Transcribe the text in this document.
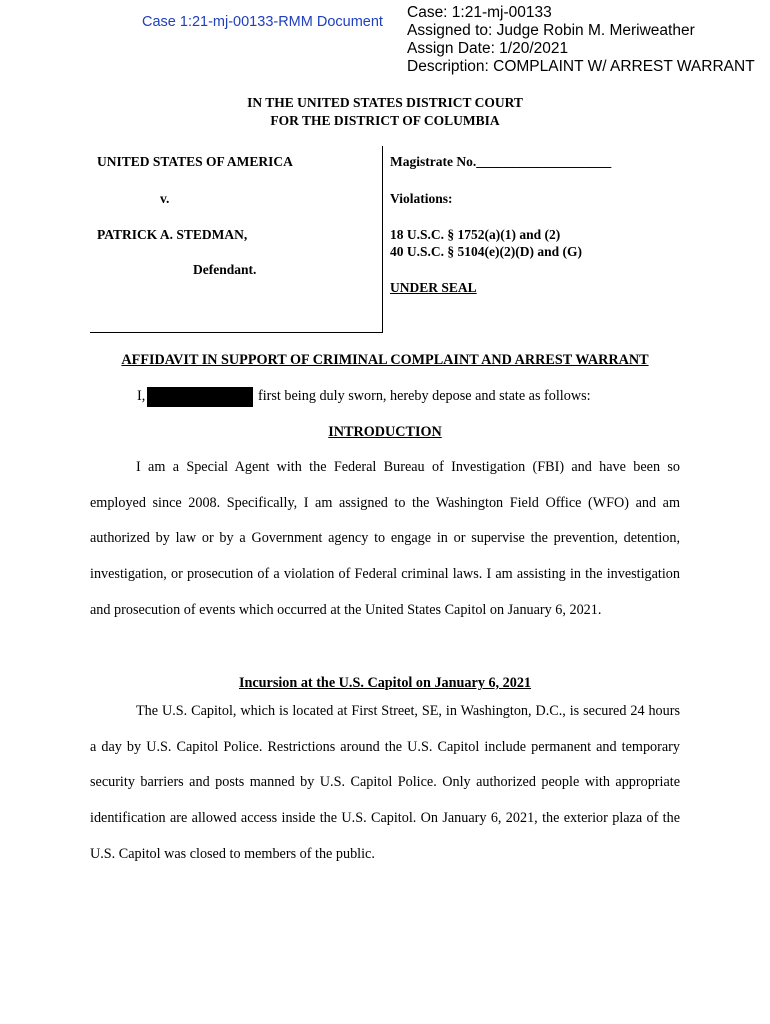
Case 1:21-mj-00133-RMM Document
Case: 1:21-mj-00133
Assigned to: Judge Robin M. Meriweather
Assign Date: 1/20/2021
Description: COMPLAINT W/ ARREST WARRANT
IN THE UNITED STATES DISTRICT COURT
FOR THE DISTRICT OF COLUMBIA
UNITED STATES OF AMERICA
v.
PATRICK A. STEDMAN,
Defendant.
Magistrate No.____________________
Violations:
18 U.S.C. § 1752(a)(1) and (2)
40 U.S.C. § 5104(e)(2)(D) and (G)
UNDER SEAL
AFFIDAVIT IN SUPPORT OF CRIMINAL COMPLAINT AND ARREST WARRANT
I,	first being duly sworn, hereby depose and state as follows:
INTRODUCTION
I am a Special Agent with the Federal Bureau of Investigation (FBI) and have been so employed since 2008. Specifically, I am assigned to the Washington Field Office (WFO) and am authorized by law or by a Government agency to engage in or supervise the prevention, detention, investigation, or prosecution of a violation of Federal criminal laws. I am assisting in the investigation and prosecution of events which occurred at the United States Capitol on January 6, 2021.
Incursion at the U.S. Capitol on January 6, 2021
The U.S. Capitol, which is located at First Street, SE, in Washington, D.C., is secured 24 hours a day by U.S. Capitol Police. Restrictions around the U.S. Capitol include permanent and temporary security barriers and posts manned by U.S. Capitol Police. Only authorized people with appropriate identification are allowed access inside the U.S. Capitol. On January 6, 2021, the exterior plaza of the U.S. Capitol was closed to members of the public.
